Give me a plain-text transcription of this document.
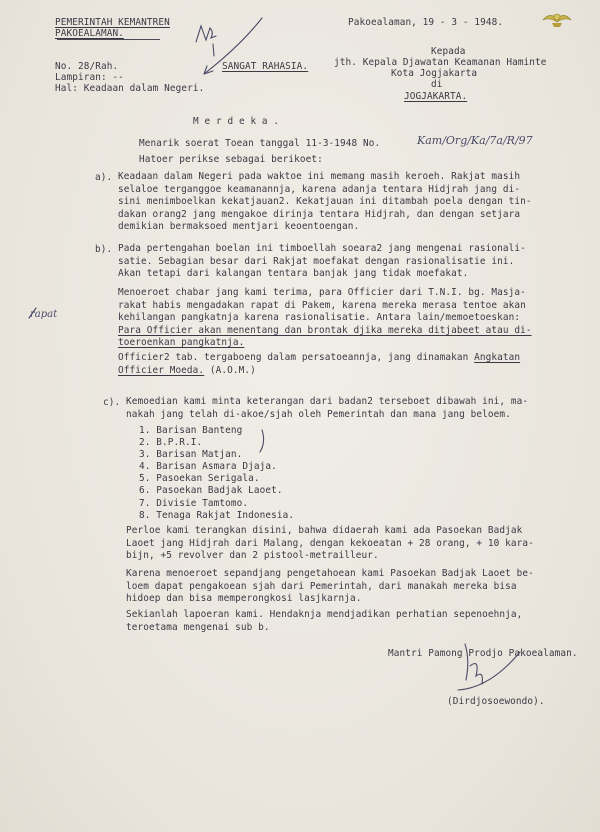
PEMERINTAH KEMANTREN
PAKOEALAMAN.
Pakoealaman, 19 - 3 - 1948.
No. 28/Rah.
Lampiran: --
Hal: Keadaan dalam Negeri.
SANGAT RAHASIA.
Kepada
jth. Kepala Djawatan Keamanan Haminte
Kota Jogjakarta
di
JOGJAKARTA.
M e r d e k a .
Menarik soerat Toean tanggal 11-3-1948 No.	Kam/Org/Ka/7a/R/97
Hatoer perikse sebagai berikoet:
a). Keadaan dalam Negeri pada waktoe ini memang masih keroeh. Rakjat masih
selaloe terganggoe keamanannja, karena adanja tentara Hidjrah jang di-
sini menimboelkan kekatjauan2. Kekatjauan ini ditambah poela dengan tin-
dakan orang2 jang mengakoe dirinja tentara Hidjrah, dan dengan setjara
demikian bermaksoed mentjari keoentoengan.
b). Pada pertengahan boelan ini timboellah soeara2 jang mengenai rasionali-
satie. Sebagian besar dari Rakjat moefakat dengan rasionalisatie ini.
Akan tetapi dari kalangan tentara banjak jang tidak moefakat.
Menoeroet chabar jang kami terima, para Officier dari T.N.I. bg. Masja-
rakat habis mengadakan rapat di Pakem, karena mereka merasa tentoe akan
kehilangan pangkatnja karena rasionalisatie. Antara lain/memoetoeskan:
Para Officier akan menentang dan brontak djika mereka ditjabeet atau di-
toeroenkan pangkatnja.
rapat
Officier2 tab. tergaboeng dalam persatoeannja, jang dinamakan Angkatan
Officier Moeda. (A.O.M.)
c). Kemoedian kami minta keterangan dari badan2 terseboet dibawah ini, ma-
nakah jang telah di-akoe/sjah oleh Pemerintah dan mana jang beloem.
1. Barisan Banteng
2. B.P.R.I.
3. Barisan Matjan.
4. Barisan Asmara Djaja.
5. Pasoekan Serigala.
6. Pasoekan Badjak Laoet.
7. Divisie Tamtomo.
8. Tenaga Rakjat Indonesia.
Perloe kami terangkan disini, bahwa didaerah kami ada Pasoekan Badjak
Laoet jang Hidjrah dari Malang, dengan kekoeatan + 28 orang, + 10 kara-
bijn, +5 revolver dan 2 pistool-metrailleur.
Karena menoeroet sepandjang pengetahoean kami Pasoekan Badjak Laoet be-
loem dapat pengakoean sjah dari Pemerintah, dari manakah mereka bisa
hidoep dan bisa memperongkosi lasjkarnja.
Sekianlah lapoeran kami. Hendaknja mendjadikan perhatian sepenoehnja,
teroetama mengenai sub b.
Mantri Pamong Prodjo Pakoealaman.
(Dirdjosoewondo).
